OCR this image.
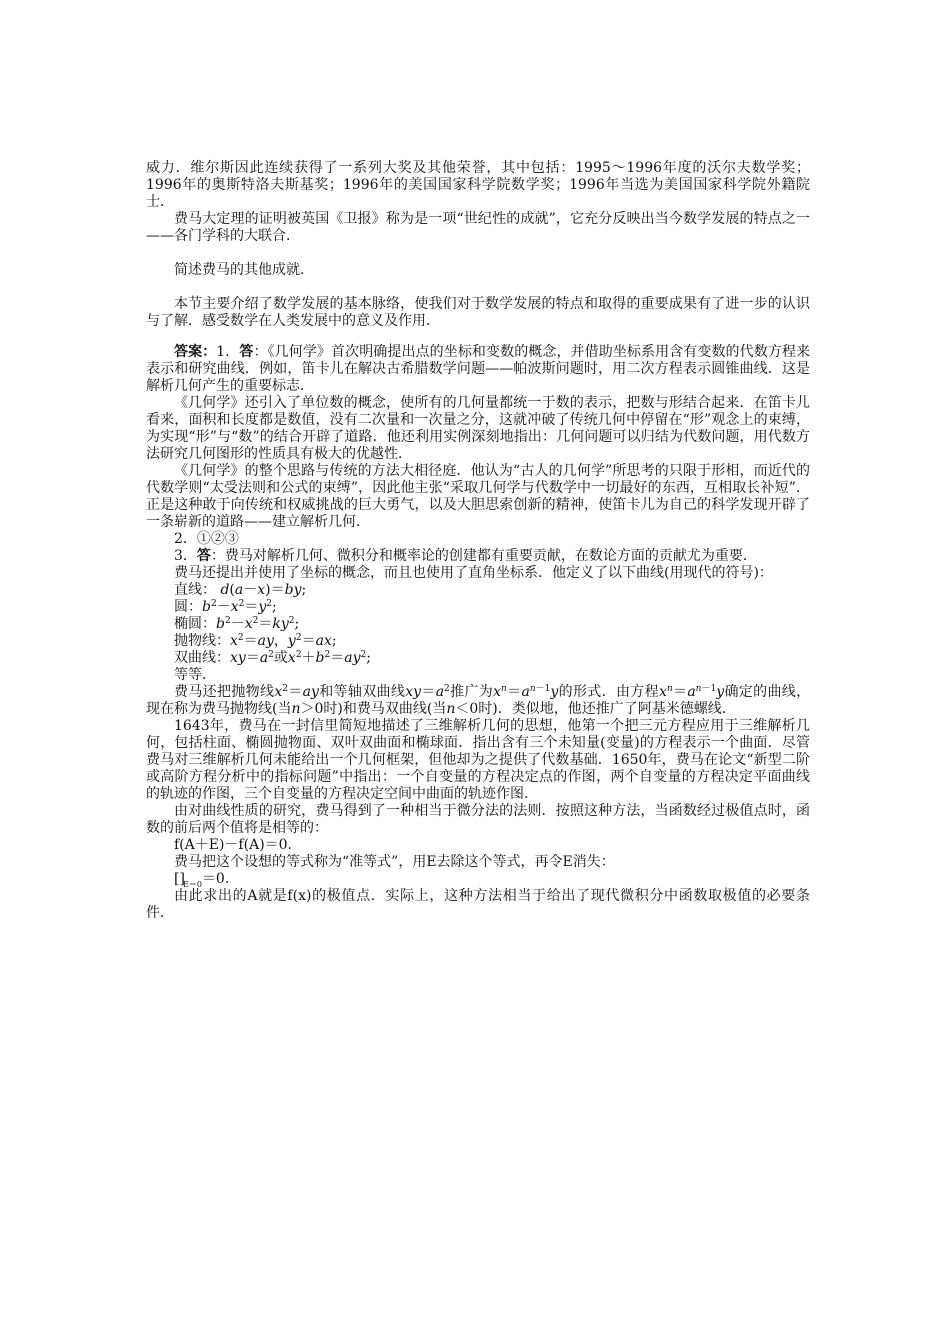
威力．维尔斯因此连续获得了一系列大奖及其他荣誉，其中包括：1995～1996年度的沃尔夫数学奖；1996年的奥斯特洛夫斯基奖；1996年的美国国家科学院数学奖；1996年当选为美国国家科学院外籍院士．

费马大定理的证明被英国《卫报》称为是一项“世纪性的成就”，它充分反映出当今数学发展的特点之一——各门学科的大联合．

简述费马的其他成就．

本节主要介绍了数学发展的基本脉络，使我们对于数学发展的特点和取得的重要成果有了进一步的认识与了解．感受数学在人类发展中的意义及作用．

答案：1．答：《几何学》首次明确提出点的坐标和变数的概念，并借助坐标系用含有变数的代数方程来表示和研究曲线．例如，笛卡儿在解决古希腊数学问题——帕波斯问题时，用二次方程表示圆锥曲线．这是解析几何产生的重要标志．

《几何学》还引入了单位数的概念，使所有的几何量都统一于数的表示，把数与形结合起来．在笛卡儿看来，面积和长度都是数值，没有二次量和一次量之分，这就冲破了传统几何中停留在“形”观念上的束缚，为实现“形”与“数”的结合开辟了道路．他还利用实例深刻地指出：几何问题可以归结为代数问题，用代数方法研究几何图形的性质具有极大的优越性．

《几何学》的整个思路与传统的方法大相径庭．他认为“古人的几何学”所思考的只限于形相，而近代的代数学则“太受法则和公式的束缚”，因此他主张“采取几何学与代数学中一切最好的东西，互相取长补短”．正是这种敢于向传统和权威挑战的巨大勇气，以及大胆思索创新的精神，使笛卡儿为自己的科学发现开辟了一条崭新的道路——建立解析几何．

2．①②③

3．答：费马对解析几何、微积分和概率论的创建都有重要贡献，在数论方面的贡献尤为重要．

费马还提出并使用了坐标的概念，而且也使用了直角坐标系．他定义了以下曲线(用现代的符号)：

直线： d(a－x)＝by;

圆：$b^2-x^2=y^2$;

椭圆：$b^2-x^2=ky^2$;

抛物线：$x^2=ay$，$y^2=ax$;

双曲线：$xy=a^2$或$x^2+b^2=ay^2$;

等等．

费马还把抛物线$x^2=ay$和等轴双曲线$xy=a^2$推广为$x^n=a^{n-1}y$的形式．由方程$x^n=a^{n-1}y$确定的曲线，现在称为费马抛物线(当n＞0时)和费马双曲线(当n＜0时)．类似地，他还推广了阿基米德螺线．

1643年，费马在一封信里简短地描述了三维解析几何的思想，他第一个把三元方程应用于三维解析几何，包括柱面、椭圆抛物面、双叶双曲面和椭球面．指出含有三个未知量(变量)的方程表示一个曲面．尽管费马对三维解析几何未能给出一个几何框架，但他却为之提供了代数基础．1650年，费马在论文“新型二阶或高阶方程分析中的指标问题”中指出：一个自变量的方程决定点的作图，两个自变量的方程决定平面曲线的轨迹的作图，三个自变量的方程决定空间中曲面的轨迹作图．

由对曲线性质的研究，费马得到了一种相当于微分法的法则．按照这种方法，当函数经过极值点时，函数的前后两个值将是相等的：

f(A＋E)－f(A)＝0.

费马把这个设想的等式称为“准等式”，用E去除这个等式，再令E消失：

$[]_{E=0}=0$.

由此求出的A就是f(x)的极值点．实际上，这种方法相当于给出了现代微积分中函数取极值的必要条件．
